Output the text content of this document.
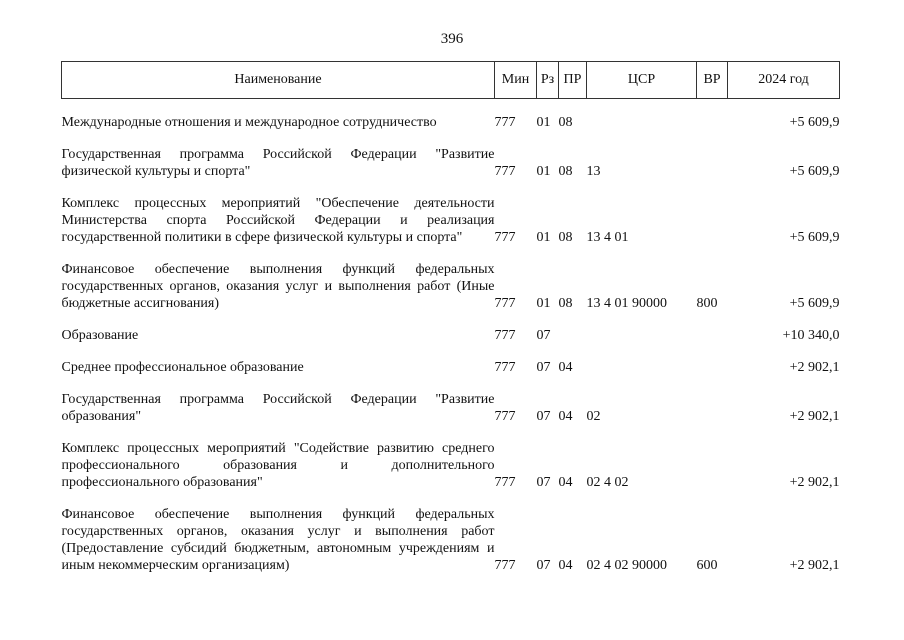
396
Наименование	Мин	Рз	ПР	ЦСР	ВР	2024 год

Международные отношения и международное сотрудничество	777	01	08			+5 609,9

Государственная программа Российской Федерации "Развитие физической культуры и спорта"	777	01	08	13		+5 609,9

Комплекс процессных мероприятий "Обеспечение деятельности Министерства спорта Российской Федерации и реализация государственной политики в сфере физической культуры и спорта"	777	01	08	13 4 01		+5 609,9

Финансовое обеспечение выполнения функций федеральных государственных органов, оказания услуг и выполнения работ (Иные бюджетные ассигнования)	777	01	08	13 4 01 90000	800	+5 609,9

Образование	777	07				+10 340,0

Среднее профессиональное образование	777	07	04			+2 902,1

Государственная программа Российской Федерации "Развитие образования"	777	07	04	02		+2 902,1

Комплекс процессных мероприятий "Содействие развитию среднего профессионального образования и дополнительного профессионального образования"	777	07	04	02 4 02		+2 902,1

Финансовое обеспечение выполнения функций федеральных государственных органов, оказания услуг и выполнения работ (Предоставление субсидий бюджетным, автономным учреждениям и иным некоммерческим организациям)	777	07	04	02 4 02 90000	600	+2 902,1
